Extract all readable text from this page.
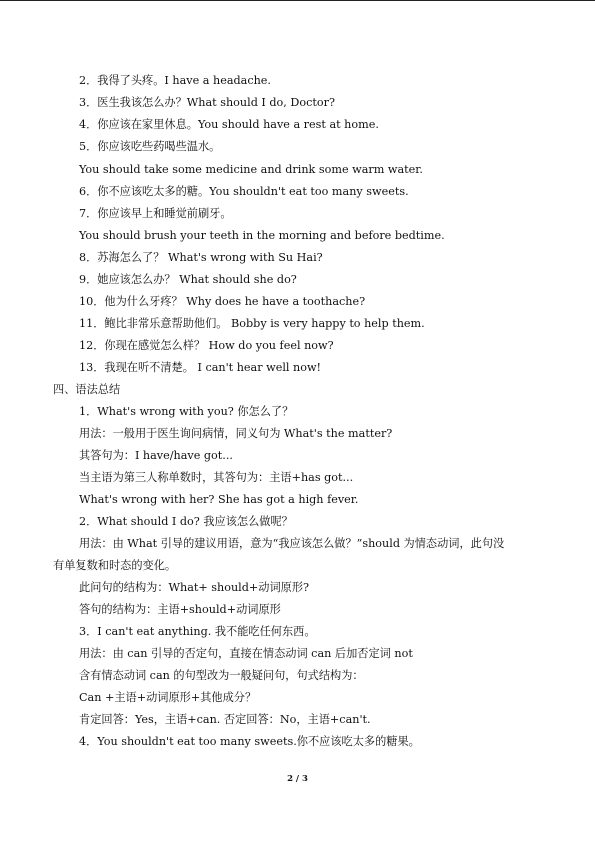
2．我得了头疼。I have a headache.
3．医生我该怎么办？What should I do, Doctor?
4．你应该在家里休息。You should have a rest at home.
5．你应该吃些药喝些温水。
You should take some medicine and drink some warm water.
6．你不应该吃太多的糖。You shouldn't eat too many sweets.
7．你应该早上和睡觉前刷牙。
You should brush your teeth in the morning and before bedtime.
8．苏海怎么了？ What's wrong with Su Hai?
9．她应该怎么办？ What should she do?
10．他为什么牙疼？ Why does he have a toothache?
11．鲍比非常乐意帮助他们。 Bobby is very happy to help them.
12．你现在感觉怎么样？ How do you feel now?
13．我现在听不清楚。 I can't hear well now!
四、语法总结
1．What's wrong with you? 你怎么了？
用法：一般用于医生询问病情，同义句为 What's the matter?
其答句为：I have/have got...
当主语为第三人称单数时，其答句为：主语+has got...
What's wrong with her? She has got a high fever.
2．What should I do? 我应该怎么做呢？
用法：由 What 引导的建议用语，意为“我应该怎么做？”should 为情态动词，此句没
有单复数和时态的变化。
此问句的结构为：What+ should+动词原形?
答句的结构为：主语+should+动词原形
3．I can't eat anything. 我不能吃任何东西。
用法：由 can 引导的否定句，直接在情态动词 can 后加否定词 not
含有情态动词 can 的句型改为一般疑问句，句式结构为：
Can +主语+动词原形+其他成分？
肯定回答：Yes，主语+can. 否定回答：No，主语+can't.
4．You shouldn't eat too many sweets.你不应该吃太多的糖果。
2 / 3
